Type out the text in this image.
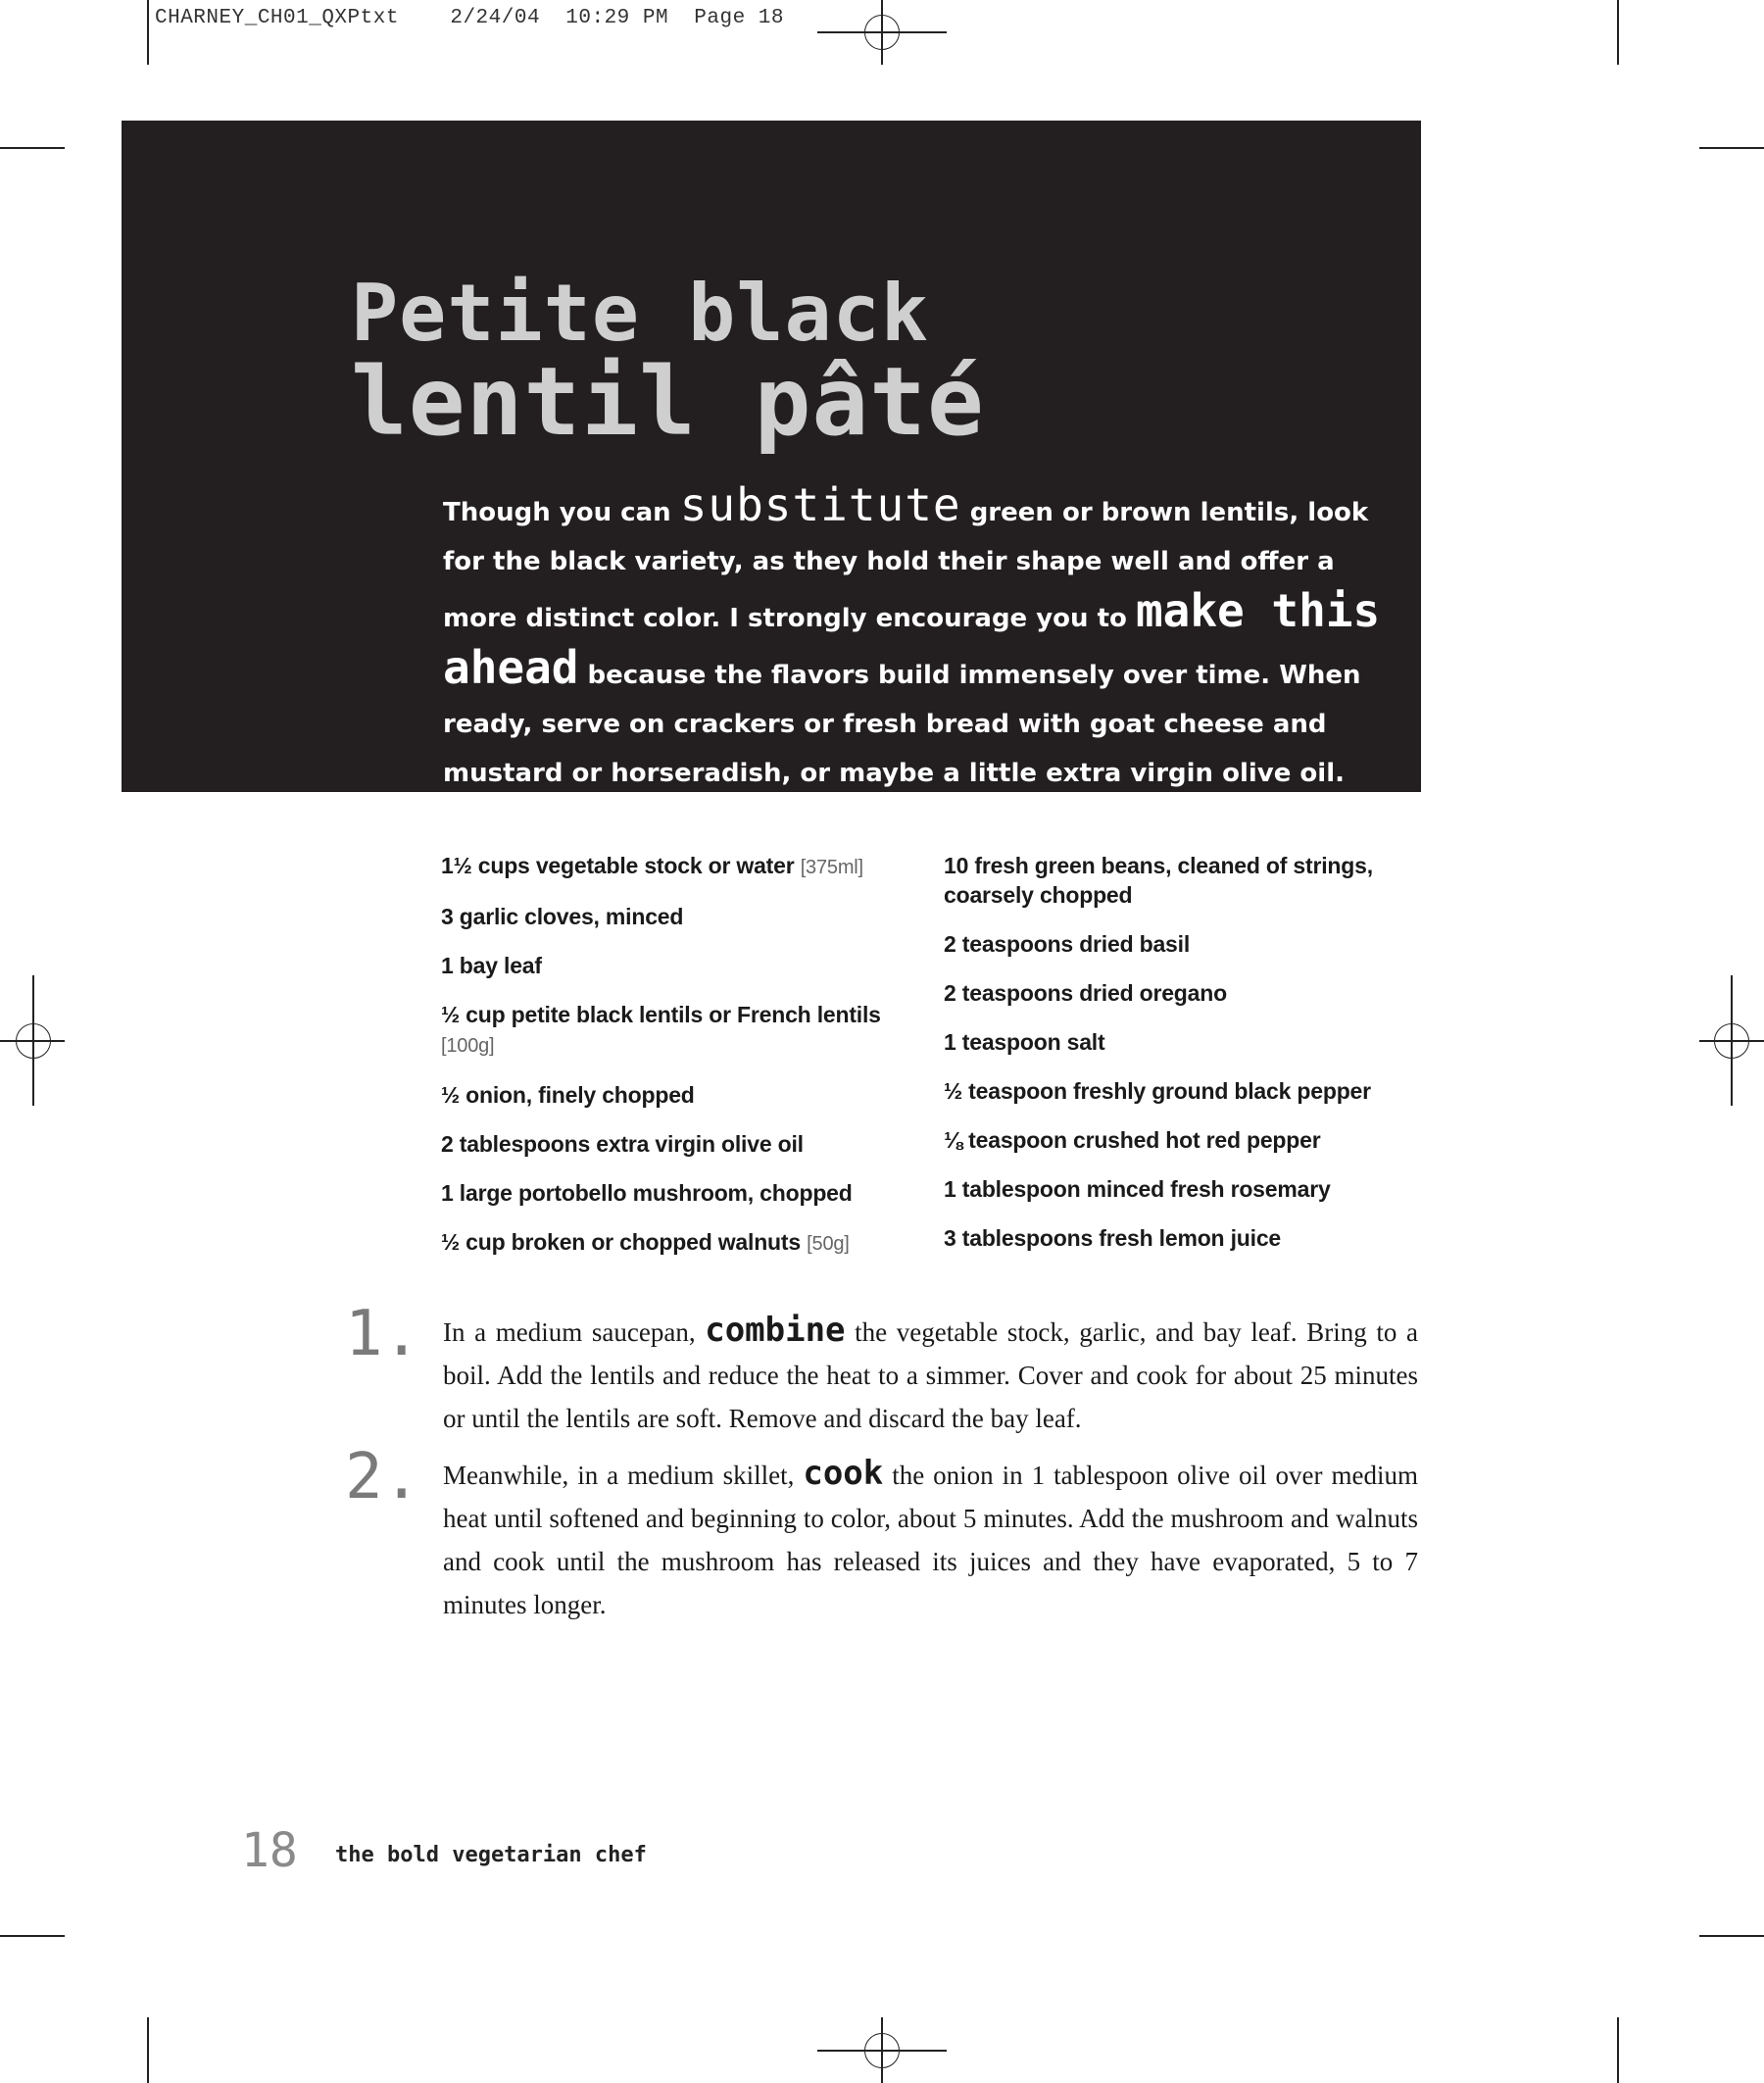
CHARNEY_CH01_QXPtxt    2/24/04  10:29 PM  Page 18
Petite black
lentil pâté

Though you can substitute green or brown lentils, look for the black variety, as they hold their shape well and offer a more distinct color. I strongly encourage you to make this ahead because the flavors build immensely over time. When ready, serve on crackers or fresh bread with goat cheese and mustard or horseradish, or maybe a little extra virgin olive oil.

1½ cups vegetable stock or water [375ml]
3 garlic cloves, minced
1 bay leaf
½ cup petite black lentils or French lentils
[100g]
½ onion, finely chopped
2 tablespoons extra virgin olive oil
1 large portobello mushroom, chopped
½ cup broken or chopped walnuts [50g]
10 fresh green beans, cleaned of strings, coarsely chopped
2 teaspoons dried basil
2 teaspoons dried oregano
1 teaspoon salt
½ teaspoon freshly ground black pepper
⅛ teaspoon crushed hot red pepper
1 tablespoon minced fresh rosemary
3 tablespoons fresh lemon juice
1. In a medium saucepan, combine the vegetable stock, garlic, and bay leaf. Bring to a boil. Add the lentils and reduce the heat to a simmer. Cover and cook for about 25 minutes or until the lentils are soft. Remove and discard the bay leaf.

2. Meanwhile, in a medium skillet, cook the onion in 1 tablespoon olive oil over medium heat until softened and beginning to color, about 5 minutes. Add the mushroom and walnuts and cook until the mushroom has released its juices and they have evaporated, 5 to 7 minutes longer.

18 the bold vegetarian chef
